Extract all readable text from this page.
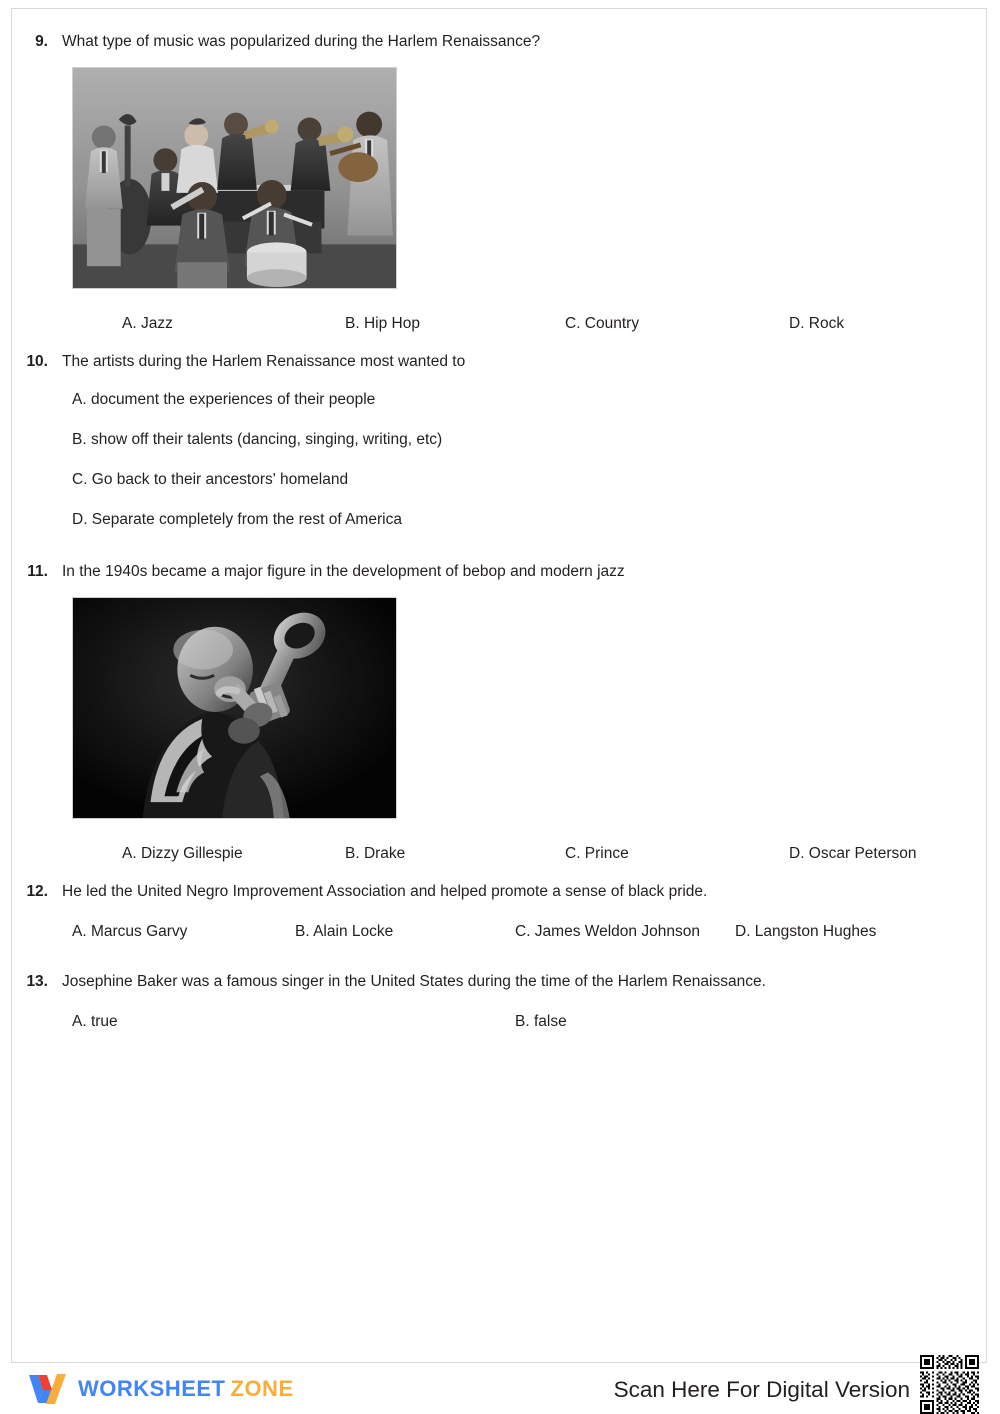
9. What type of music was popularized during the Harlem Renaissance?
A. Jazz	B. Hip Hop	C. Country	D. Rock
10. The artists during the Harlem Renaissance most wanted to
A. document the experiences of their people
B. show off their talents (dancing, singing, writing, etc)
C. Go back to their ancestors' homeland
D. Separate completely from the rest of America
11. In the 1940s became a major figure in the development of bebop and modern jazz
A. Dizzy Gillespie	B. Drake	C. Prince	D. Oscar Peterson
12. He led the United Negro Improvement Association and helped promote a sense of black pride.
A. Marcus Garvy	B. Alain Locke	C. James Weldon Johnson D. Langston Hughes
13. Josephine Baker was a famous singer in the United States during the time of the Harlem Renaissance.
A. true	B. false
WORKSHEET ZONE	Scan Here For Digital Version
